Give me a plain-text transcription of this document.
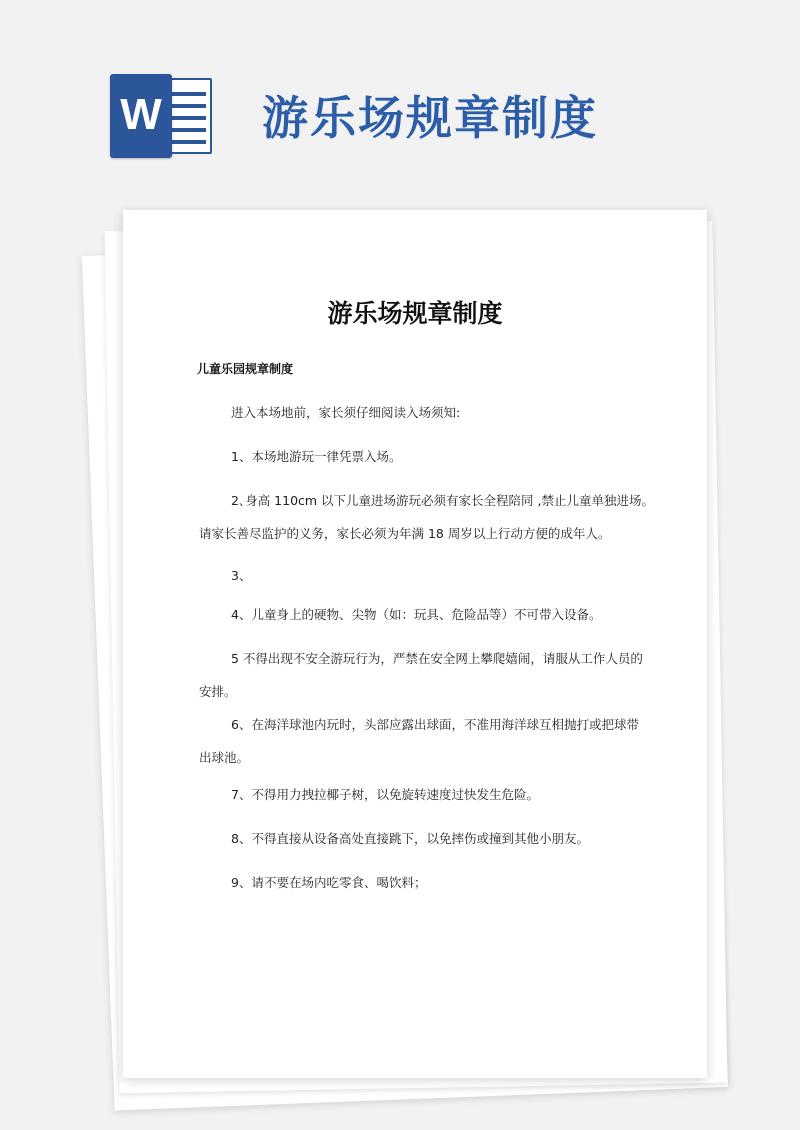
W 游乐场规章制度
游乐场规章制度
儿童乐园规章制度
进入本场地前，家长须仔细阅读入场须知:
1、本场地游玩一律凭票入场。
2､身高 110cm 以下儿童进场游玩必须有家长全程陪同 ,禁止儿童单独进场。
请家长善尽监护的义务，家长必须为年满 18 周岁以上行动方便的成年人。
3、
4、儿童身上的硬物、尖物（如：玩具、危险品等）不可带入设备。
5 不得出现不安全游玩行为，严禁在安全网上攀爬嬉闹，请服从工作人员的
安排。
6、在海洋球池内玩时，头部应露出球面，不准用海洋球互相抛打或把球带
出球池。
7、不得用力拽拉椰子树，以免旋转速度过快发生危险。
8、不得直接从设备高处直接跳下，以免摔伤或撞到其他小朋友。
9、请不要在场内吃零食、喝饮料；
